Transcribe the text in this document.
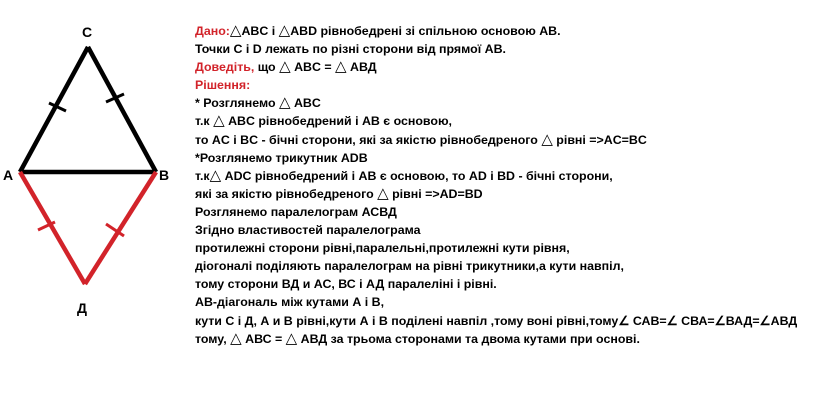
С
А	В
Д
Дано:△ABC і △ABD рівнобедрені зі спільною основою AB.
Точки C і D лежать по різні сторони від прямої AB.
Доведіть, що △ ABC = △ АВД
Рішення:
* Розглянемо △ ABC
т.к △ ABC рівнобедрений і AB є основою,
то AC і BC - бічні сторони, які за якістю рівнобедреного △ рівні =>AC=BC
*Розглянемо трикутник ADB
т.к△ ADC рівнобедрений і AB є основою, то AD і BD - бічні сторони,
які за якістю рівнобедреного △ рівні =>AD=BD
Розглянемо паралелограм АСВД
Згідно властивостей паралелограма
протилежні сторони рівні,паралельні,протилежні кути рівня,
діогоналі поділяють паралелограм на рівні трикутники,а кути навпіл,
тому сторони ВД и АС, ВС і АД паралеліні і рівні.
АВ-діагональ між кутами А і В,
кути С і Д, А и В рівні,кути А і В поділені навпіл ,тому воні рівні,тому∠ САВ=∠ СВА=∠ВАД=∠АВД
тому, △ АВС = △ АВД за трьома сторонами та двома кутами при основі.
